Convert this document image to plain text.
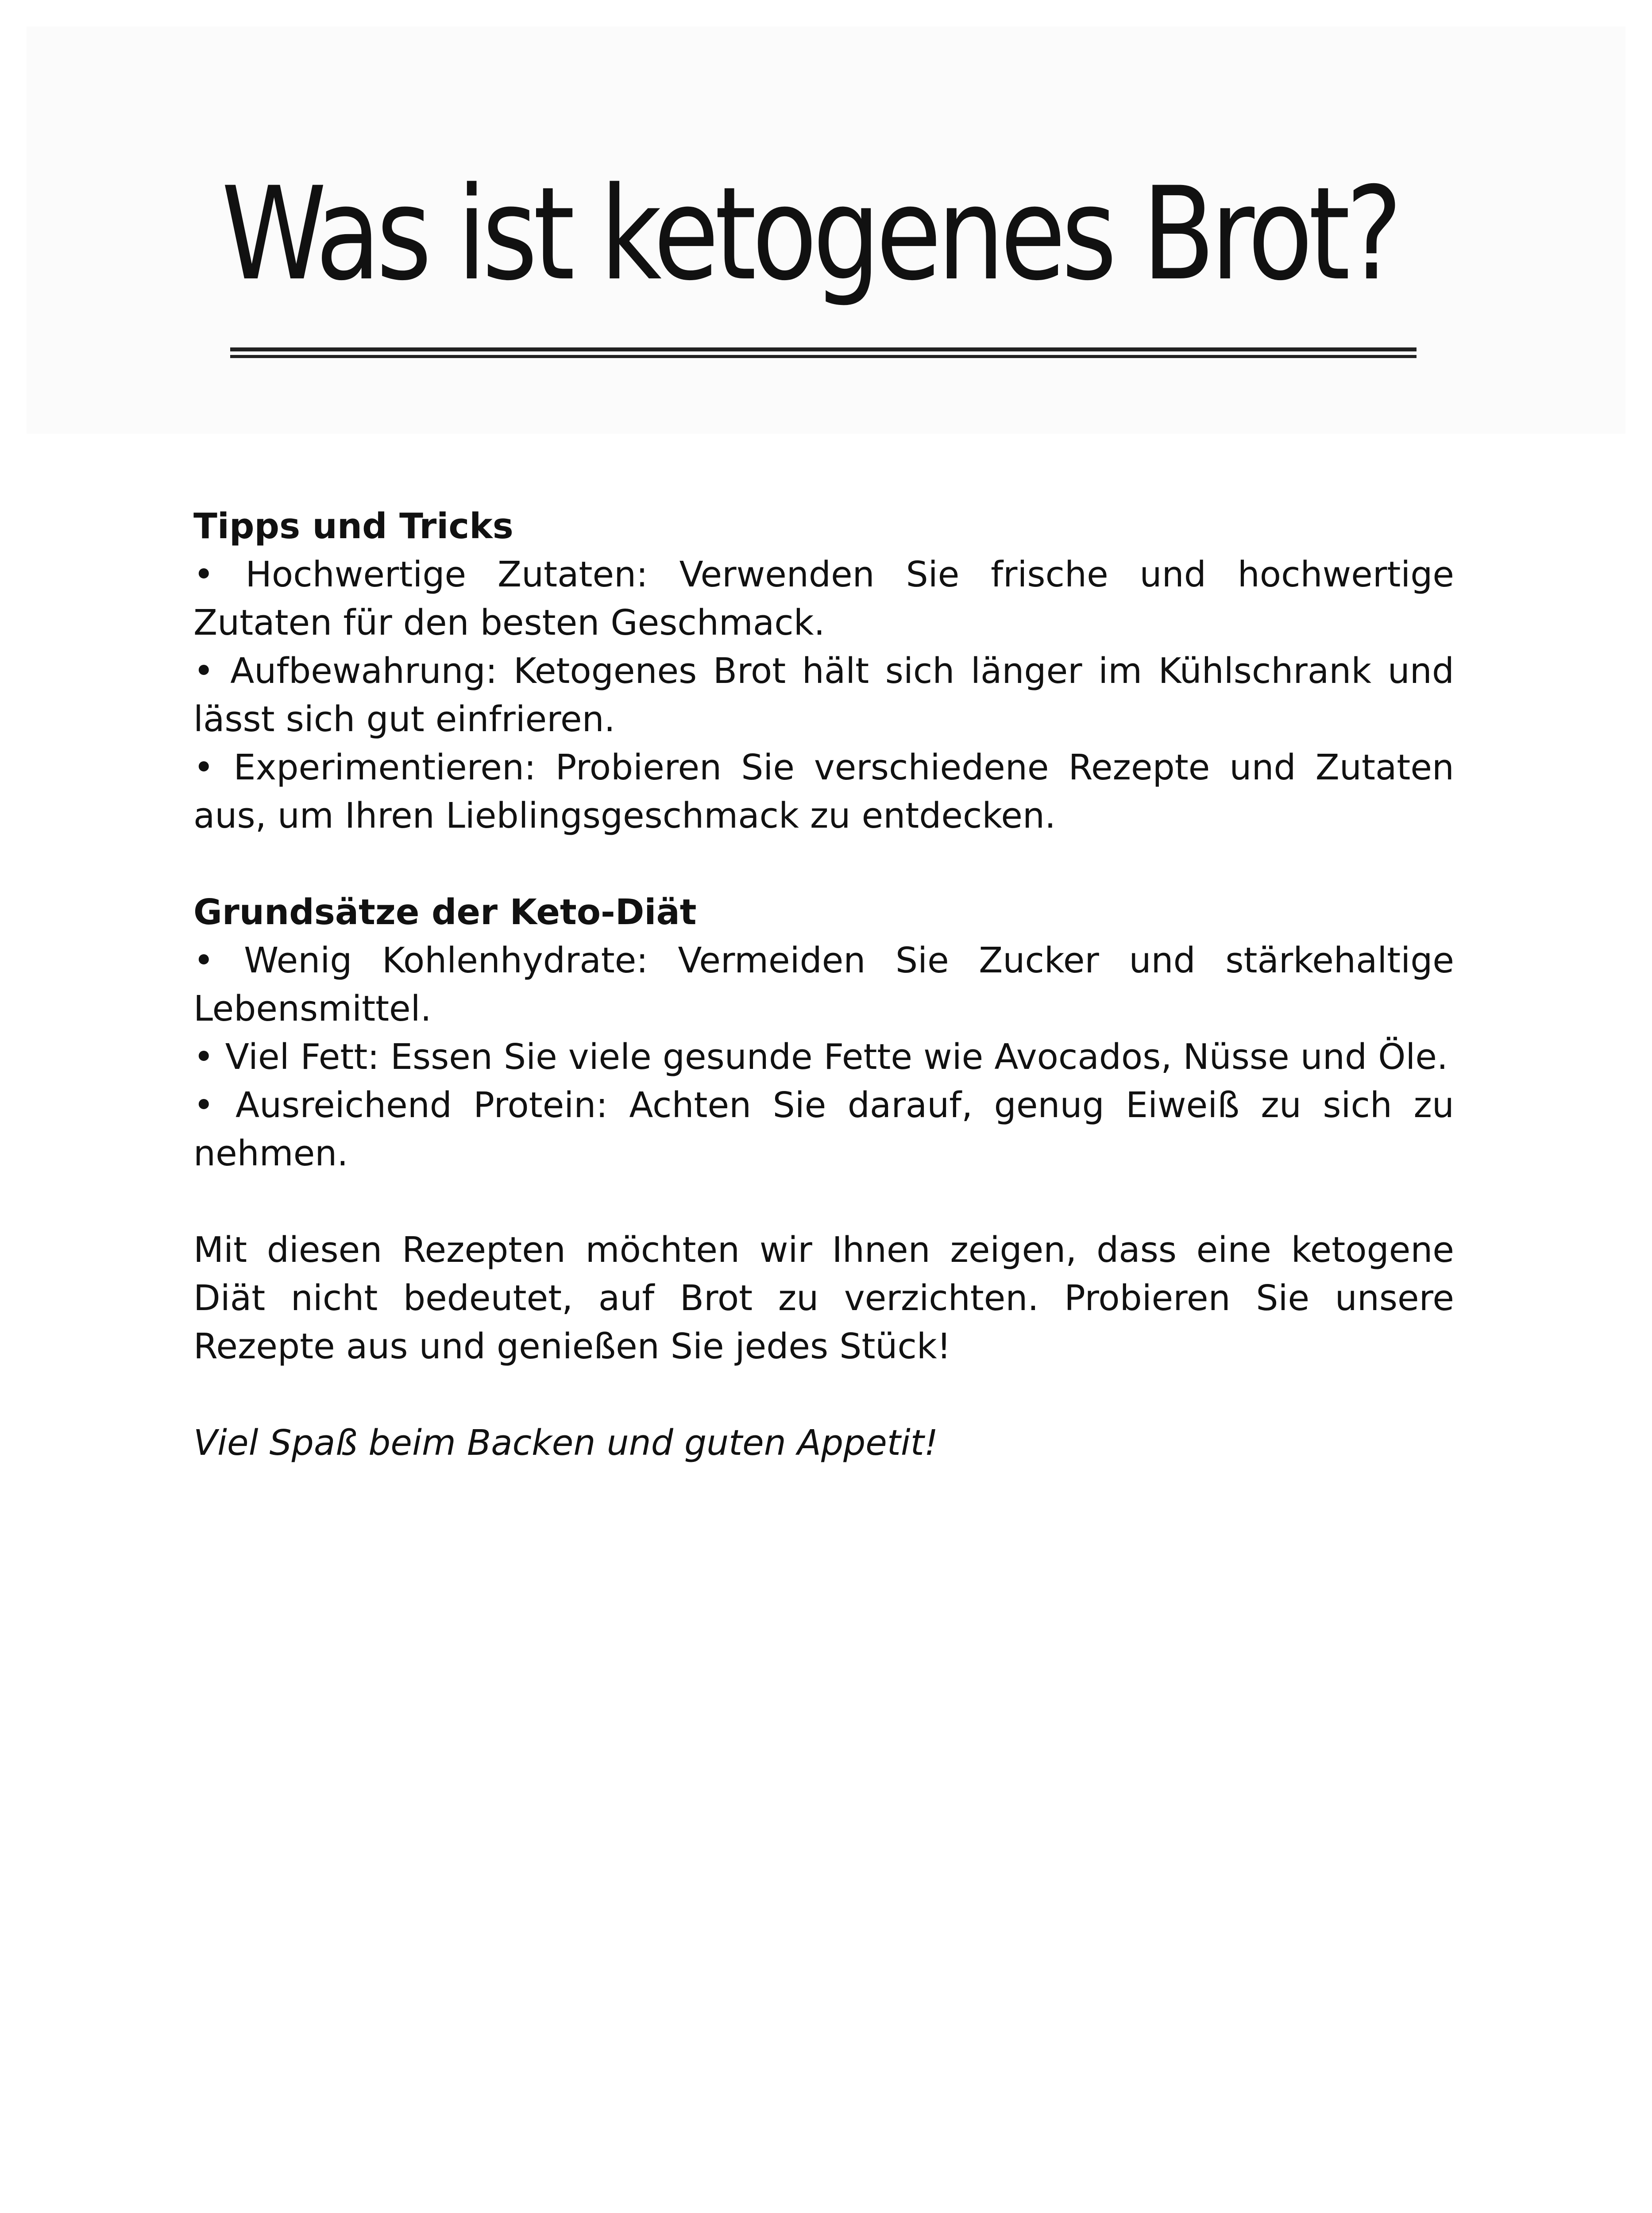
Was ist ketogenes Brot?

Tipps und Tricks

• Hochwertige Zutaten: Verwenden Sie frische und hochwertige Zutaten für den besten Geschmack.

• Aufbewahrung: Ketogenes Brot hält sich länger im Kühlschrank und lässt sich gut einfrieren.

• Experimentieren: Probieren Sie verschiedene Rezepte und Zutaten aus, um Ihren Lieblingsgeschmack zu entdecken.

Grundsätze der Keto-Diät

• Wenig Kohlenhydrate: Vermeiden Sie Zucker und stärkehaltige Lebensmittel.

• Viel Fett: Essen Sie viele gesunde Fette wie Avocados, Nüsse und Öle.

• Ausreichend Protein: Achten Sie darauf, genug Eiweiß zu sich zu nehmen.

Mit diesen Rezepten möchten wir Ihnen zeigen, dass eine ketogene Diät nicht bedeutet, auf Brot zu verzichten. Probieren Sie unsere Rezepte aus und genießen Sie jedes Stück!

Viel Spaß beim Backen und guten Appetit!
